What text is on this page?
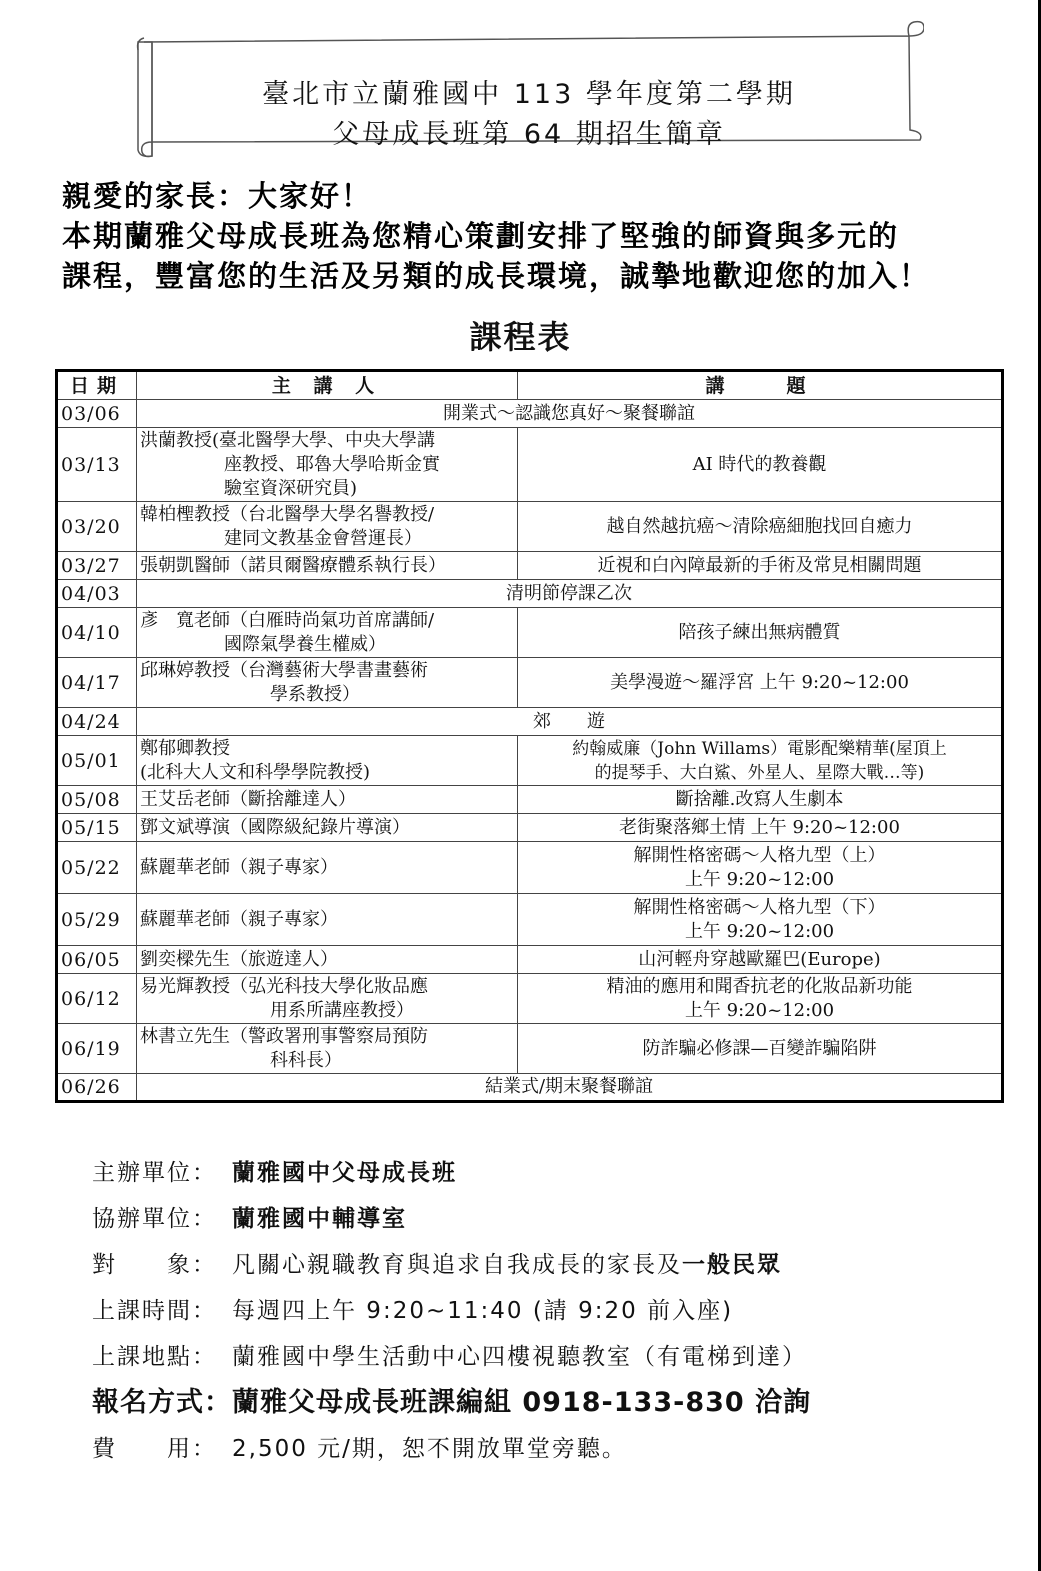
臺北市立蘭雅國中 113 學年度第二學期
父母成長班第 64 期招生簡章

親愛的家長：大家好！

本期蘭雅父母成長班為您精心策劃安排了堅強的師資與多元的

課程，豐富您的生活及另類的成長環境，誠摯地歡迎您的加入！

課程表
日期	主 講 人	講　　題
03/06	開業式～認識您真好～聚餐聯誼	
03/13	洪蘭教授(臺北醫學大學、中央大學講
座教授、耶魯大學哈斯金實
驗室資深研究員)	AI 時代的教養觀
03/20	韓柏檉教授（台北醫學大學名譽教授/
建同文教基金會營運長）	越自然越抗癌～清除癌細胞找回自癒力
03/27	張朝凱醫師（諾貝爾醫療體系執行長）	近視和白內障最新的手術及常見相關問題
04/03	清明節停課乙次	
04/10	彥　寬老師（白雁時尚氣功首席講師/
國際氣學養生權威）	陪孩子練出無病體質
04/17	邱琳婷教授（台灣藝術大學書畫藝術
學系教授）	美學漫遊～羅浮宮 上午 9:20~12:00
04/24	郊　　遊	
05/01	鄭郁卿教授
(北科大人文和科學學院教授)	約翰威廉（John Willams）電影配樂精華(屋頂上
的提琴手、大白鯊、外星人、星際大戰…等)

05/08	王艾岳老師（斷捨離達人）	斷捨離.改寫人生劇本
05/15	鄧文斌導演（國際級紀錄片導演）	老街聚落鄉土情 上午 9:20~12:00
05/22	蘇麗華老師（親子專家）	解開性格密碼～人格九型（上）
上午 9:20~12:00

05/29	蘇麗華老師（親子專家）	解開性格密碼～人格九型（下）
上午 9:20~12:00

06/05	劉奕樑先生（旅遊達人）	山河輕舟穿越歐羅巴(Europe)
06/12	易光輝教授（弘光科技大學化妝品應
用系所講座教授）	精油的應用和聞香抗老的化妝品新功能
上午 9:20~12:00

06/19	林書立先生（警政署刑事警察局預防
科科長）	防詐騙必修課—百變詐騙陷阱
06/26	結業式/期末聚餐聯誼	
主辦單位： 蘭雅國中父母成長班
協辦單位： 蘭雅國中輔導室
對　　象： 凡關心親職教育與追求自我成長的家長及一般民眾
上課時間： 每週四上午 9:20~11:40 (請 9:20 前入座)
上課地點： 蘭雅國中學生活動中心四樓視聽教室（有電梯到達）
報名方式：蘭雅父母成長班課編組 0918-133-830 洽詢
費　　用： 2,500 元/期，恕不開放單堂旁聽。
